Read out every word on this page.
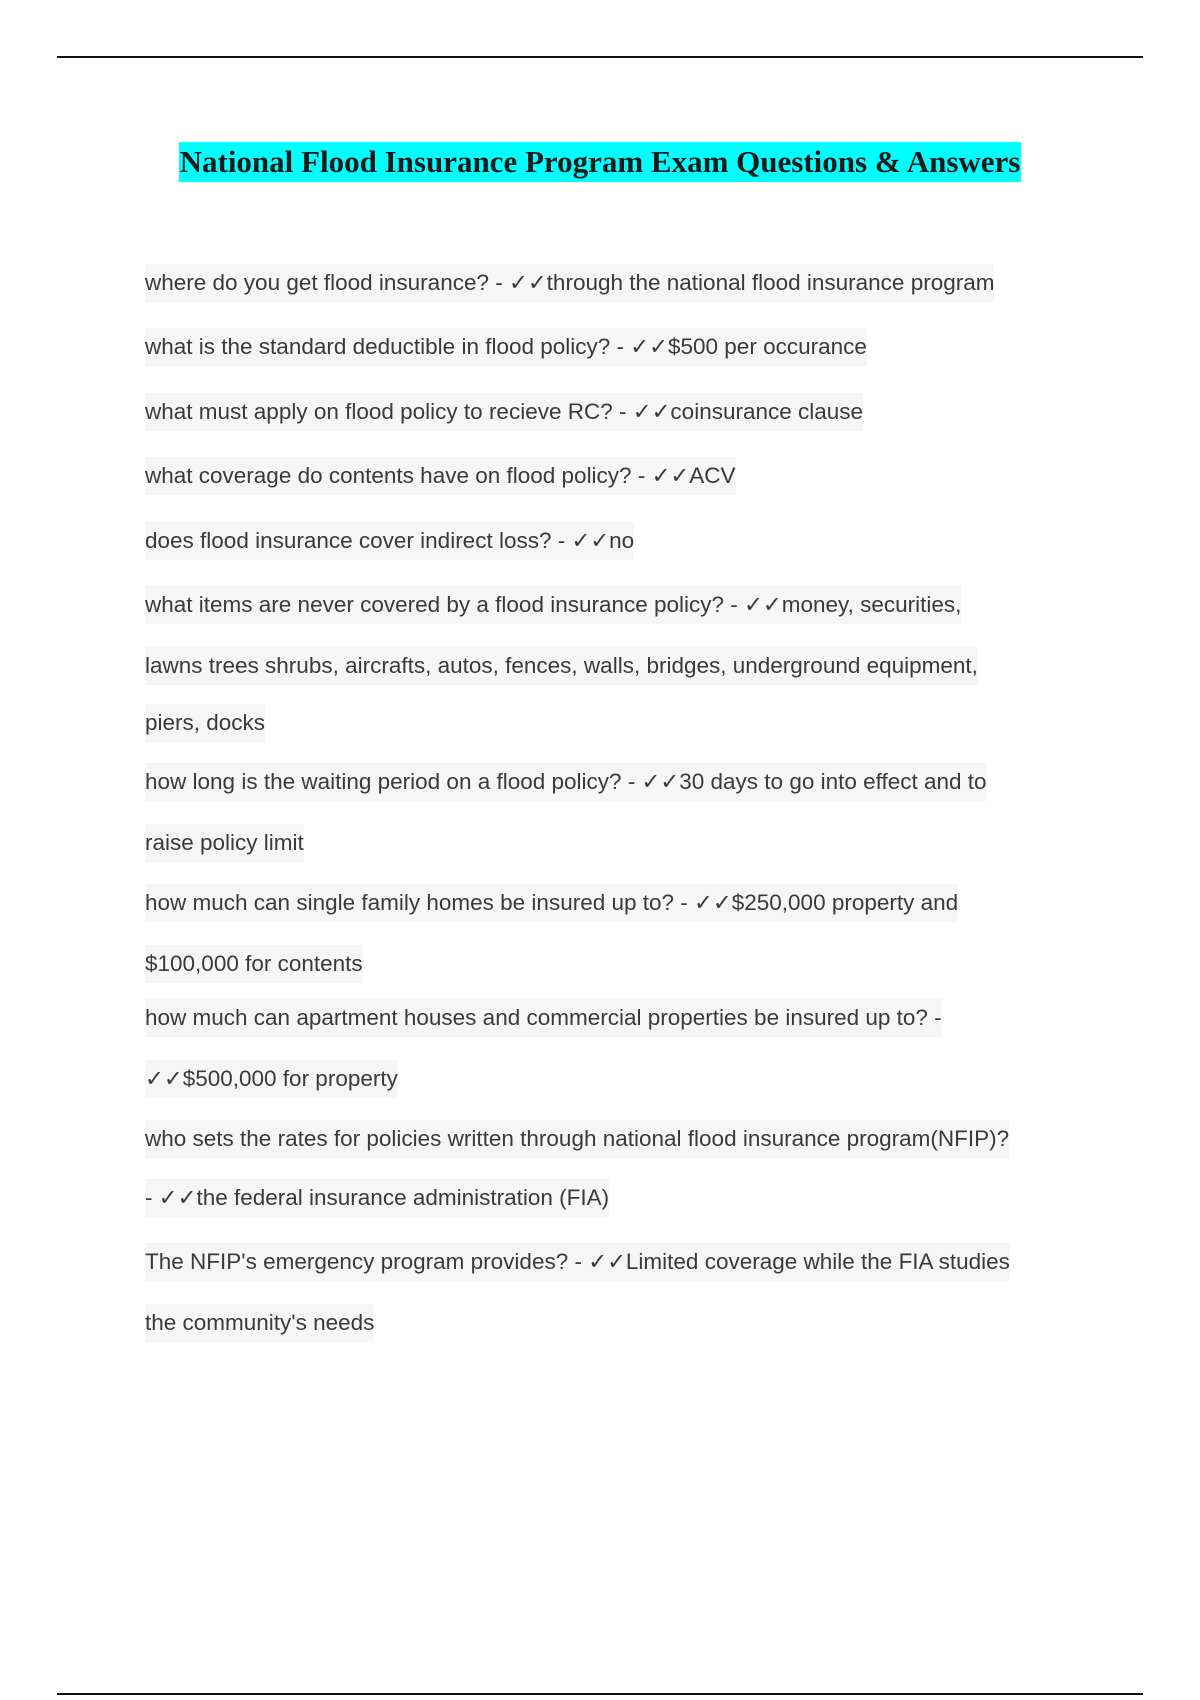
National Flood Insurance Program Exam Questions & Answers
where do you get flood insurance? - ✓✓through the national flood insurance program
what is the standard deductible in flood policy? - ✓✓$500 per occurance
what must apply on flood policy to recieve RC? - ✓✓coinsurance clause
what coverage do contents have on flood policy? - ✓✓ACV
does flood insurance cover indirect loss? - ✓✓no
what items are never covered by a flood insurance policy? - ✓✓money, securities,
lawns trees shrubs, aircrafts, autos, fences, walls, bridges, underground equipment,
piers, docks
how long is the waiting period on a flood policy? - ✓✓30 days to go into effect and to
raise policy limit
how much can single family homes be insured up to? - ✓✓$250,000 property and
$100,000 for contents
how much can apartment houses and commercial properties be insured up to? -
✓✓$500,000 for property
who sets the rates for policies written through national flood insurance program(NFIP)?
- ✓✓the federal insurance administration (FIA)
The NFIP's emergency program provides? - ✓✓Limited coverage while the FIA studies
the community's needs
